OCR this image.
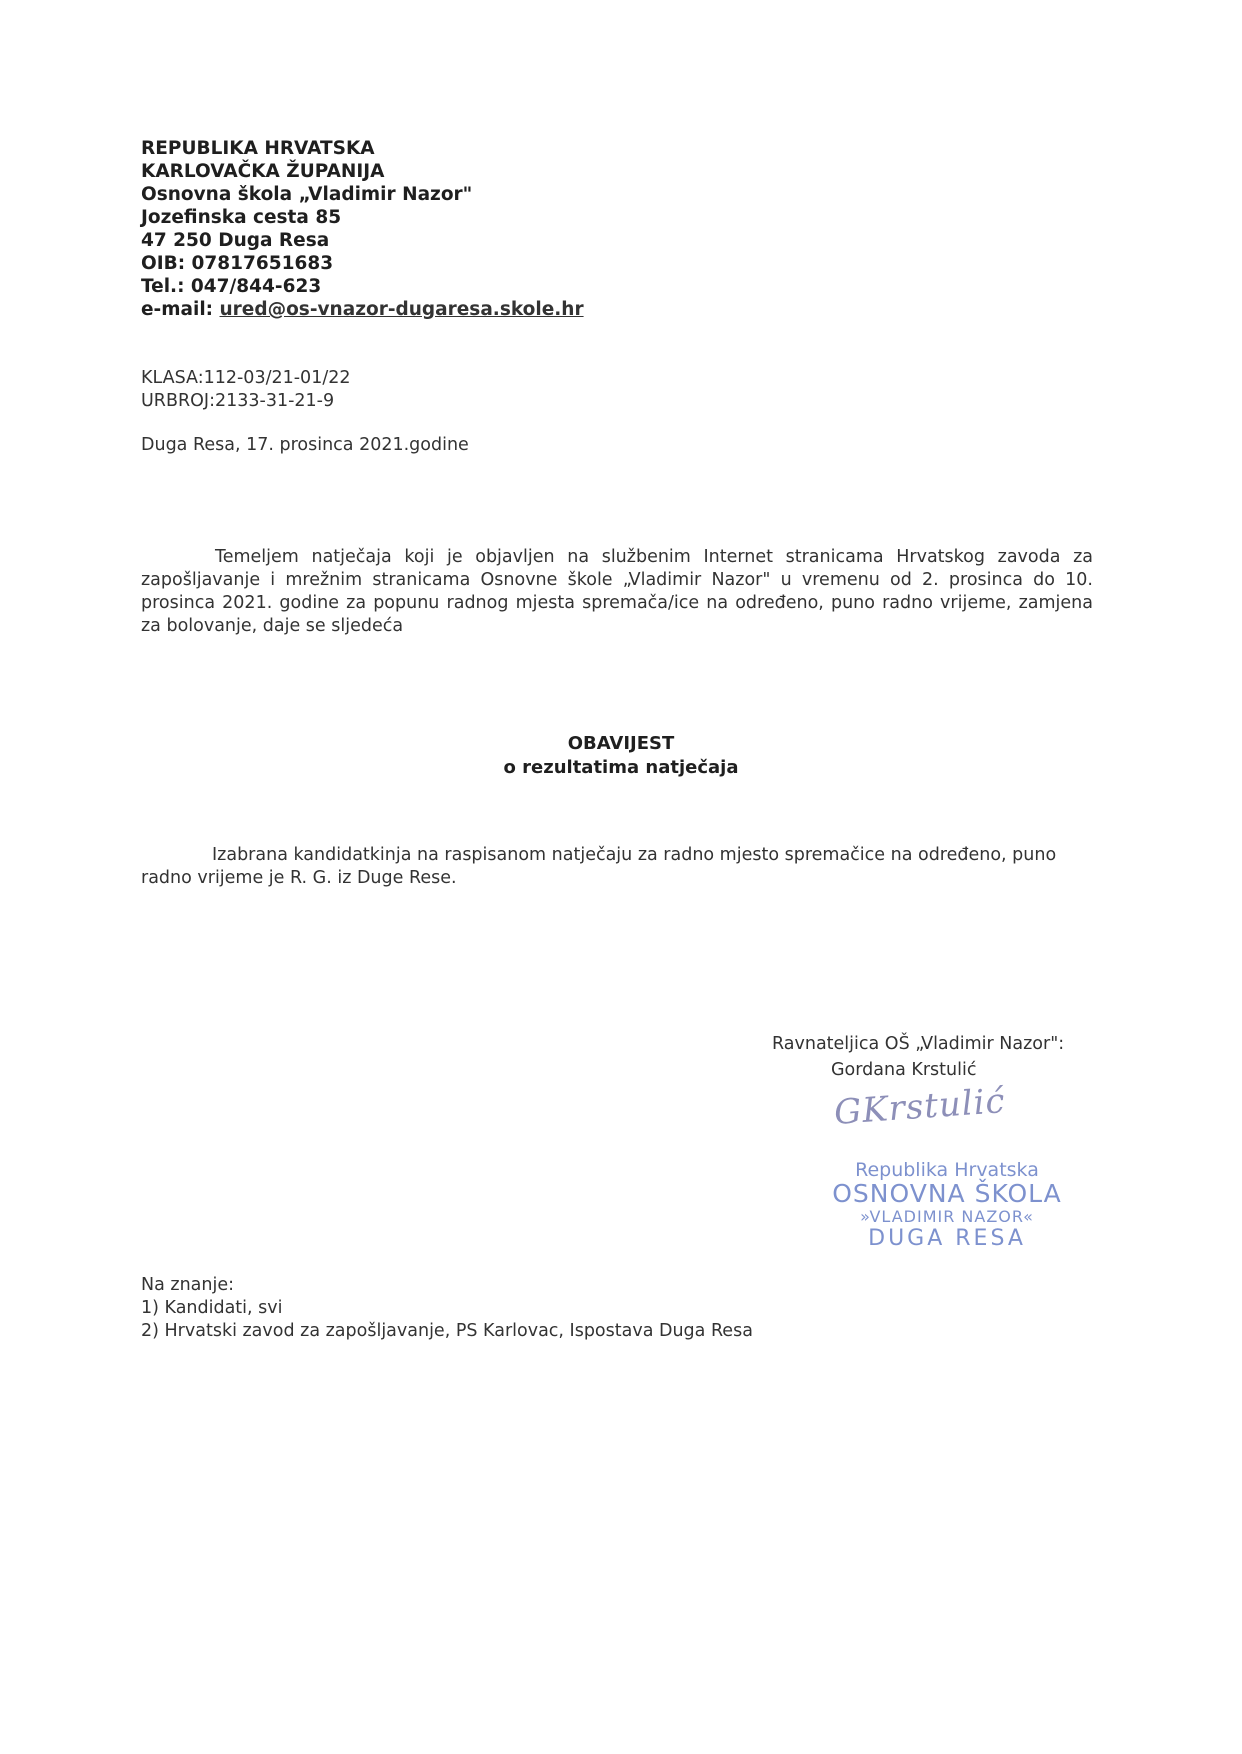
REPUBLIKA HRVATSKA
KARLOVAČKA ŽUPANIJA
Osnovna škola „Vladimir Nazor"
Jozefinska cesta 85
47 250 Duga Resa
OIB: 07817651683
Tel.: 047/844-623
e-mail: ured@os-vnazor-dugaresa.skole.hr
KLASA:112-03/21-01/22
URBROJ:2133-31-21-9
Duga Resa, 17. prosinca 2021.godine
Temeljem natječaja koji je objavljen na službenim Internet stranicama Hrvatskog zavoda za zapošljavanje i mrežnim stranicama Osnovne škole „Vladimir Nazor" u vremenu od 2. prosinca do 10. prosinca 2021. godine za popunu radnog mjesta spremača/ice na određeno, puno radno vrijeme, zamjena za bolovanje, daje se sljedeća
OBAVIJEST
o rezultatima natječaja
Izabrana kandidatkinja na raspisanom natječaju za radno mjesto spremačice na određeno, puno radno vrijeme je R. G. iz Duge Rese.
Ravnateljica OŠ „Vladimir Nazor":
Gordana Krstulić
GKrstulić
Republika Hrvatska
OSNOVNA ŠKOLA
»VLADIMIR NAZOR«
DUGA RESA
Na znanje:
1) Kandidati, svi
2) Hrvatski zavod za zapošljavanje, PS Karlovac, Ispostava Duga Resa
